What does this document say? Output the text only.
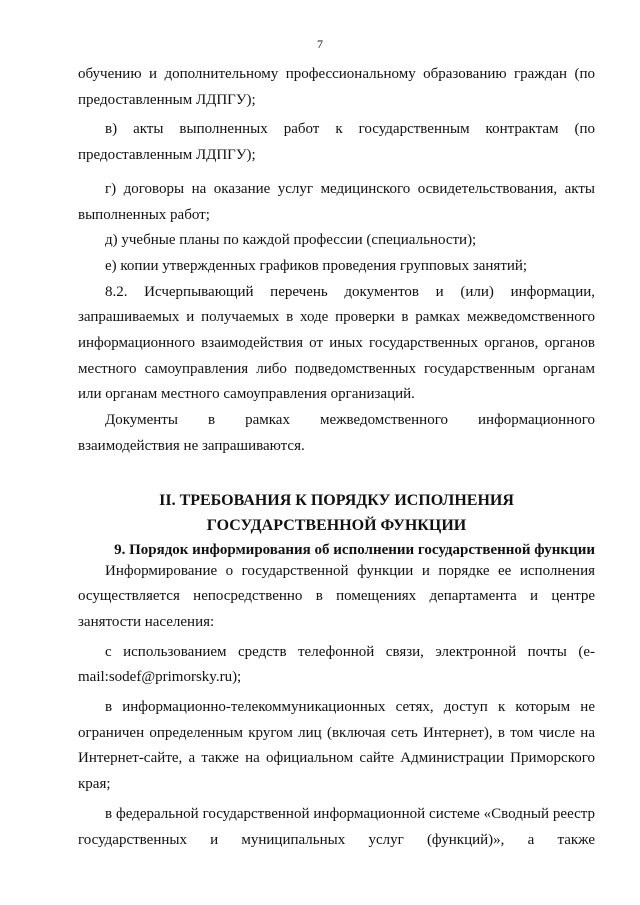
7

обучению и дополнительному профессиональному образованию граждан (по предоставленным ЛДПГУ);

в) акты выполненных работ к государственным контрактам (по предоставленным ЛДПГУ);

г) договоры на оказание услуг медицинского освидетельствования, акты выполненных работ;

д) учебные планы по каждой профессии (специальности);

е) копии утвержденных графиков проведения групповых занятий;

8.2. Исчерпывающий перечень документов и (или) информации, запрашиваемых и получаемых в ходе проверки в рамках межведомственного информационного взаимодействия от иных государственных органов, органов местного самоуправления либо подведомственных государственным органам или органам местного самоуправления организаций.

Документы в рамках межведомственного информационного взаимодействия не запрашиваются.

II. ТРЕБОВАНИЯ К ПОРЯДКУ ИСПОЛНЕНИЯ ГОСУДАРСТВЕННОЙ ФУНКЦИИ
9. Порядок информирования об исполнении государственной функции

Информирование о государственной функции и порядке ее исполнения осуществляется непосредственно в помещениях департамента и центре занятости населения:

с использованием средств телефонной связи, электронной почты (e-mail:sodef@primorsky.ru);

в информационно-телекоммуникационных сетях, доступ к которым не ограничен определенным кругом лиц (включая сеть Интернет), в том числе на Интернет-сайте, а также на официальном сайте Администрации Приморского края;

в федеральной государственной информационной системе «Сводный реестр государственных и муниципальных услуг (функций)», а также
